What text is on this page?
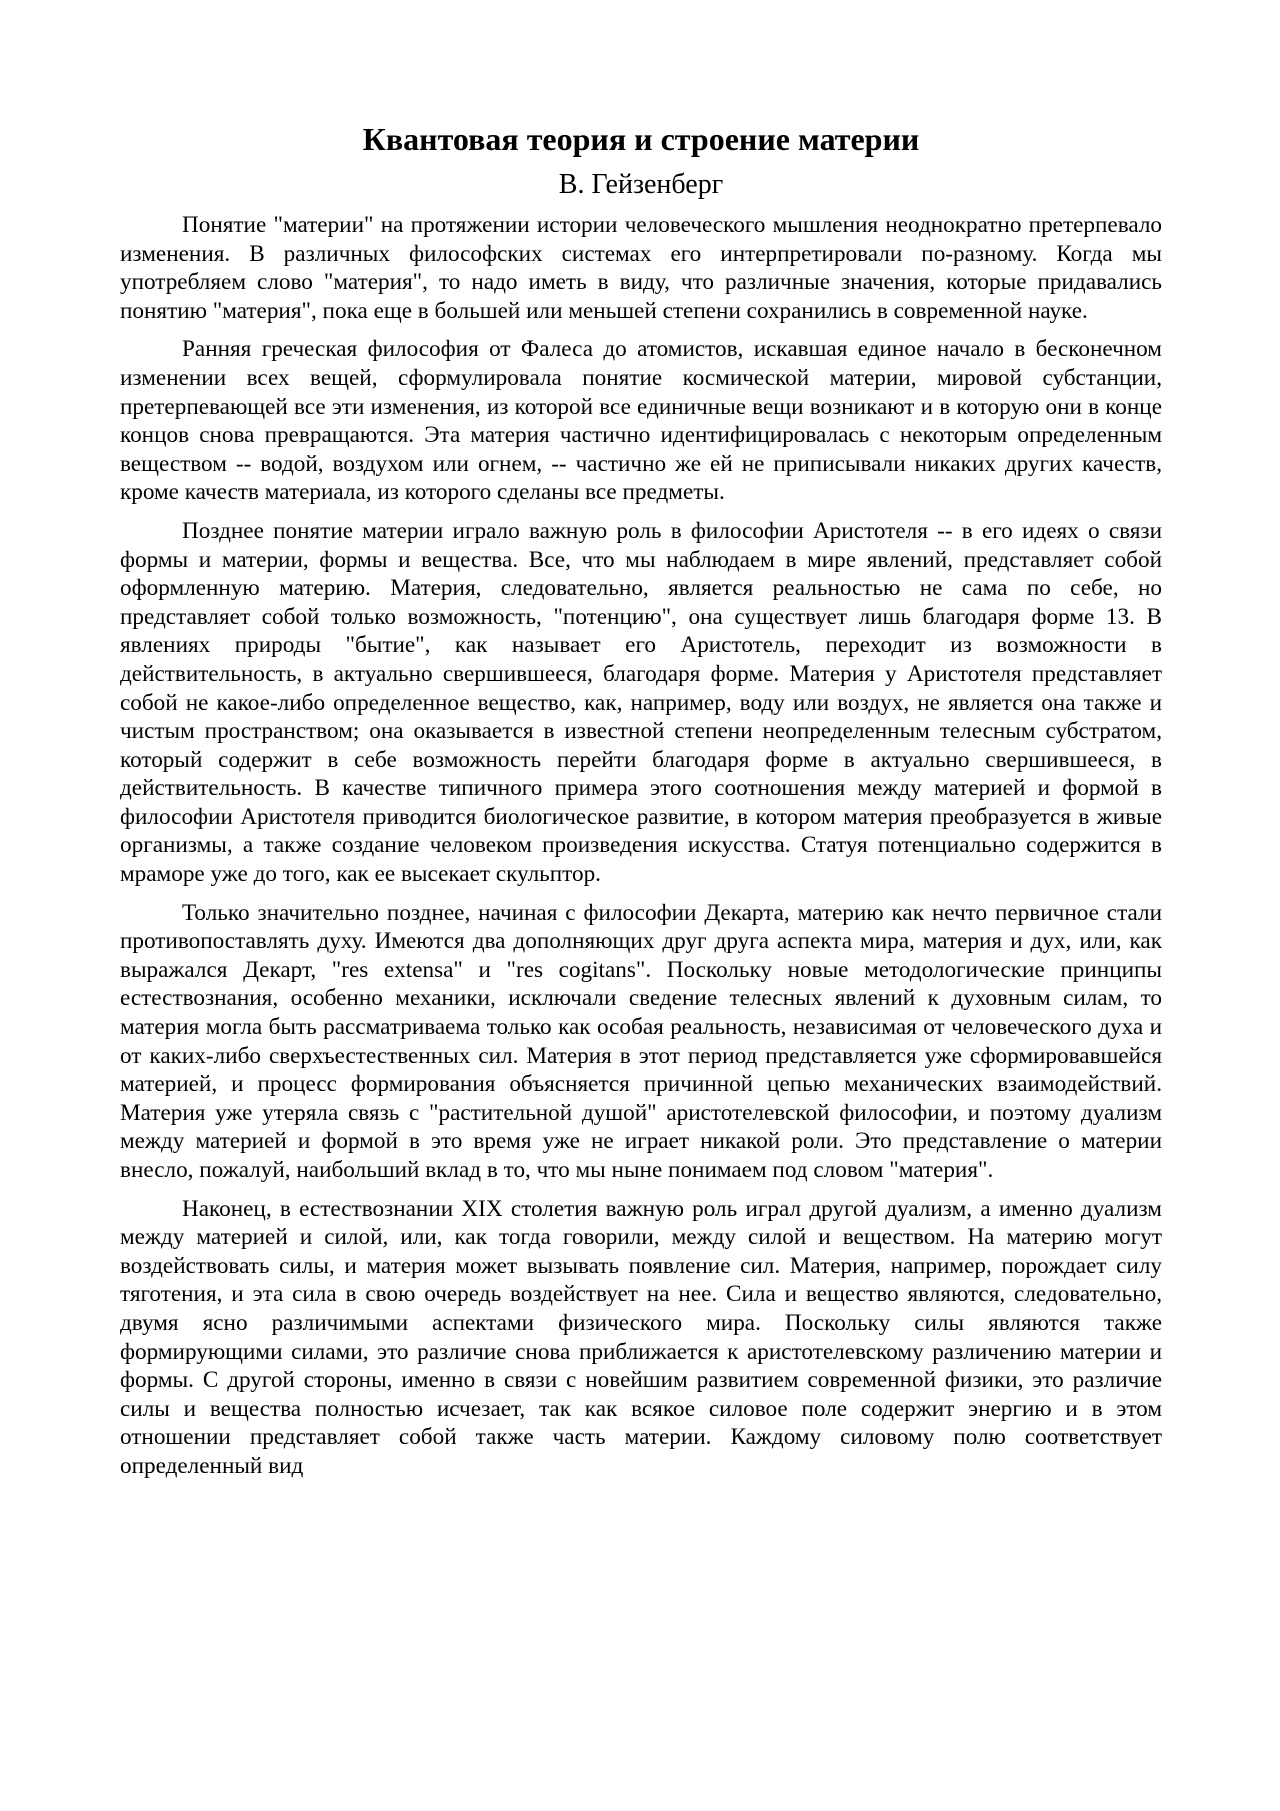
Квантовая теория и строение материи
В. Гейзенберг

Понятие "материи" на протяжении истории человеческого мышления неоднократно претерпевало изменения. В различных философских системах его интерпретировали по-разному. Когда мы употребляем слово "материя", то надо иметь в виду, что различные значения, которые придавались понятию "материя", пока еще в большей или меньшей степени сохранились в современной науке.

Ранняя греческая философия от Фалеса до атомистов, искавшая единое начало в бесконечном изменении всех вещей, сформулировала понятие космической материи, мировой субстанции, претерпевающей все эти изменения, из которой все единичные вещи возникают и в которую они в конце концов снова превращаются. Эта материя частично идентифицировалась с некоторым определенным веществом -- водой, воздухом или огнем, -- частично же ей не приписывали никаких других качеств, кроме качеств материала, из которого сделаны все предметы.

Позднее понятие материи играло важную роль в философии Аристотеля -- в его идеях о связи формы и материи, формы и вещества. Все, что мы наблюдаем в мире явлений, представляет собой оформленную материю. Материя, следовательно, является реальностью не сама по себе, но представляет собой только возможность, "потенцию", она существует лишь благодаря форме 13. В явлениях природы "бытие", как называет его Аристотель, переходит из возможности в действительность, в актуально свершившееся, благодаря форме. Материя у Аристотеля представляет собой не какое-либо определенное вещество, как, например, воду или воздух, не является она также и чистым пространством; она оказывается в известной степени неопределенным телесным субстратом, который содержит в себе возможность перейти благодаря форме в актуально свершившееся, в действительность. В качестве типичного примера этого соотношения между материей и формой в философии Аристотеля приводится биологическое развитие, в котором материя преобразуется в живые организмы, а также создание человеком произведения искусства. Статуя потенциально содержится в мраморе уже до того, как ее высекает скульптор.

Только значительно позднее, начиная с философии Декарта, материю как нечто первичное стали противопоставлять духу. Имеются два дополняющих друг друга аспекта мира, материя и дух, или, как выражался Декарт, "res extensa" и "res cogitans". Поскольку новые методологические принципы естествознания, особенно механики, исключали сведение телесных явлений к духовным силам, то материя могла быть рассматриваема только как особая реальность, независимая от человеческого духа и от каких-либо сверхъестественных сил. Материя в этот период представляется уже сформировавшейся материей, и процесс формирования объясняется причинной цепью механических взаимодействий. Материя уже утеряла связь с "растительной душой" аристотелевской философии, и поэтому дуализм между материей и формой в это время уже не играет никакой роли. Это представление о материи внесло, пожалуй, наибольший вклад в то, что мы ныне понимаем под словом "материя".

Наконец, в естествознании XIX столетия важную роль играл другой дуализм, а именно дуализм между материей и силой, или, как тогда говорили, между силой и веществом. На материю могут воздействовать силы, и материя может вызывать появление сил. Материя, например, порождает силу тяготения, и эта сила в свою очередь воздействует на нее. Сила и вещество являются, следовательно, двумя ясно различимыми аспектами физического мира. Поскольку силы являются также формирующими силами, это различие снова приближается к аристотелевскому различению материи и формы. С другой стороны, именно в связи с новейшим развитием современной физики, это различие силы и вещества полностью исчезает, так как всякое силовое поле содержит энергию и в этом отношении представляет собой также часть материи. Каждому силовому полю соответствует определенный вид
